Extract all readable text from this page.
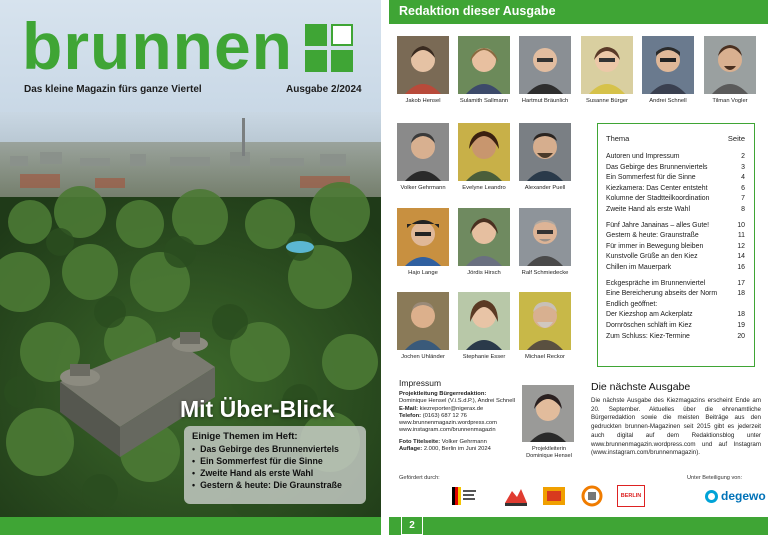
brunnen
Das kleine Magazin fürs ganze Viertel	Ausgabe 2/2024
Mit Über-Blick
Einige Themen im Heft:
• Das Gebirge des Brunnenviertels
• Ein Sommerfest für die Sinne
• Zweite Hand als erste Wahl
• Gestern & heute: Die Graunstraße
Redaktion dieser Ausgabe
Jakob Hensel	Sulamith Sallmann	Hartmut Bräunlich	Susanne Bürger	Andrei Schnell	Tilman Vogler
Volker Gehrmann	Evelyne Leandro	Alexander Puell
Hajo Lange	Jördis Hirsch	Ralf Schmiedecke
Jochen Uhländer	Stephanie Esser	Michael Reckor
Thema	Seite
Autoren und Impressum	2
Das Gebirge des Brunnenviertels	3
Ein Sommerfest für die Sinne	4
Kiezkamera: Das Center entsteht	6
Kolumne der Stadtteilkoordination	7
Zweite Hand als erste Wahl	8
Fünf Jahre Janainas – alles Gute!	10
Gestern & heute: Graunstraße	11
Für immer in Bewegung bleiben	12
Kunstvolle Grüße an den Kiez	14
Chillen im Mauerpark	16
Eckgespräche im Brunnenviertel	17
Eine Bereicherung abseits der Norm	18
Endlich geöffnet:
Der Kiezshop am Ackerplatz	18
Dornröschen schläft im Kiez	19
Zum Schluss: Kiez-Termine	20
Impressum
Projektleitung Bürgerredaktion:
Dominique Hensel (V.i.S.d.P.), Andrei Schnell
E-Mail: kiezreporter@nigerax.de
Telefon: (0163) 687 12 76
www.brunnenmagazin.wordpress.com
www.instagram.com/brunnenmagazin
Foto Titelseite: Volker Gehrmann
Auflage: 2.000, Berlin im Juni 2024	Projektleiterin
Dominique Hensel
Die nächste Ausgabe
Die nächste Ausgabe des Kiezmagazins erscheint Ende am 20. September. Aktuelles über die ehrenamtliche Bürgerredaktion sowie die meisten Beiträge aus den gedruckten brunnen-Magazinen seit 2015 gibt es jederzeit auch digital auf dem Redaktionsblog unter www.brunnenmagazin.wordpress.com und auf Instagram (www.instagram.com/brunnenmagazin).
Gefördert durch:	Unter Beteiligung von:
BERLIN	degewo
2
